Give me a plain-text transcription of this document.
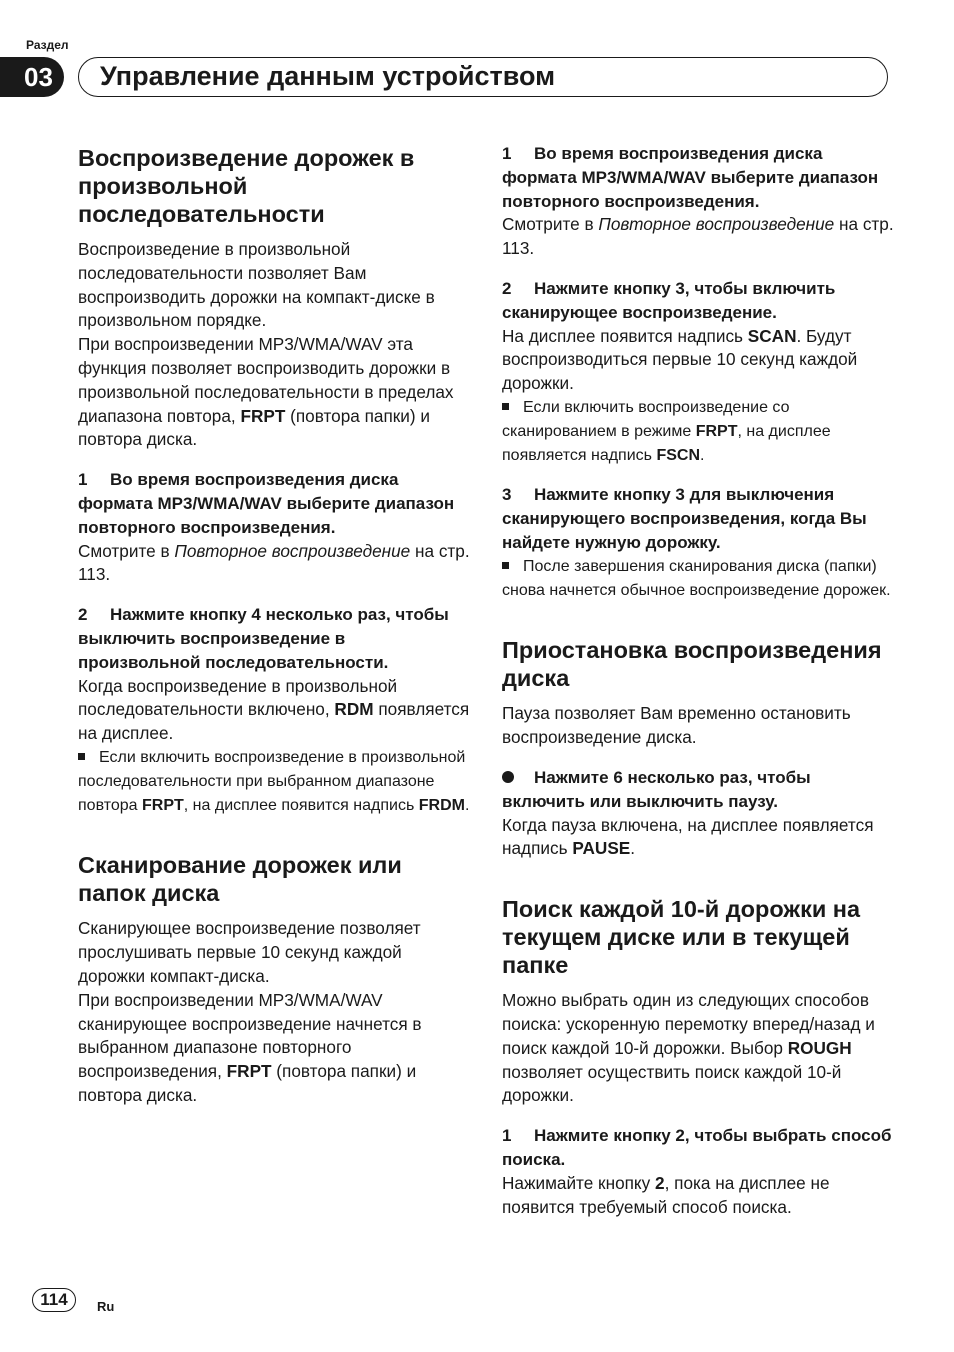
Раздел
03	Управление данным устройством
Воспроизведение дорожек в произвольной последовательности

Воспроизведение в произвольной последовательности позволяет Вам воспроизводить дорожки на компакт-диске в произвольном порядке.

При воспроизведении MP3/WMA/WAV эта функция позволяет воспроизводить дорожки в произвольной последовательности в пределах диапазона повтора, FRPT (повтора папки) и повтора диска.

1 Во время воспроизведения диска формата MP3/WMA/WAV выберите диапазон повторного воспроизведения.

Смотрите в Повторное воспроизведение на стр. 113.

2 Нажмите кнопку 4 несколько раз, чтобы выключить воспроизведение в произвольной последовательности.

Когда воспроизведение в произвольной последовательности включено, RDM появляется на дисплее.

Если включить воспроизведение в произвольной последовательности при выбранном диапазоне повтора FRPT, на дисплее появится надпись FRDM.

Сканирование дорожек или папок диска

Сканирующее воспроизведение позволяет прослушивать первые 10 секунд каждой дорожки компакт-диска.

При воспроизведении MP3/WMA/WAV сканирующее воспроизведение начнется в выбранном диапазоне повторного воспроизведения, FRPT (повтора папки) и повтора диска.

1 Во время воспроизведения диска формата MP3/WMA/WAV выберите диапазон повторного воспроизведения.

Смотрите в Повторное воспроизведение на стр. 113.

2 Нажмите кнопку 3, чтобы включить сканирующее воспроизведение.

На дисплее появится надпись SCAN. Будут воспроизводиться первые 10 секунд каждой дорожки.

Если включить воспроизведение со сканированием в режиме FRPT, на дисплее появляется надпись FSCN.

3 Нажмите кнопку 3 для выключения сканирующего воспроизведения, когда Вы найдете нужную дорожку.

После завершения сканирования диска (папки) снова начнется обычное воспроизведение дорожек.

Приостановка воспроизведения диска

Пауза позволяет Вам временно остановить воспроизведение диска.

Нажмите 6 несколько раз, чтобы включить или выключить паузу.

Когда пауза включена, на дисплее появляется надпись PAUSE.

Поиск каждой 10-й дорожки на текущем диске или в текущей папке

Можно выбрать один из следующих способов поиска: ускоренную перемотку вперед/назад и поиск каждой 10-й дорожки. Выбор ROUGH позволяет осуществить поиск каждой 10-й дорожки.

1 Нажмите кнопку 2, чтобы выбрать способ поиска.

Нажимайте кнопку 2, пока на дисплее не появится требуемый способ поиска.

114	Ru
